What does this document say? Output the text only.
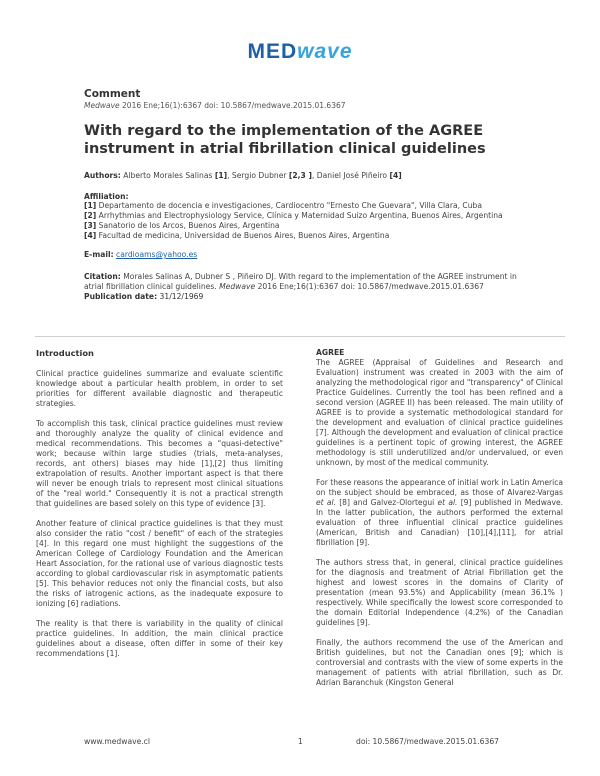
MEDwave
Comment
Medwave 2016 Ene;16(1):6367 doi: 10.5867/medwave.2015.01.6367
With regard to the implementation of the AGREE instrument in atrial fibrillation clinical guidelines
Authors: Alberto Morales Salinas [1], Sergio Dubner [2,3 ], Daniel José Piñeiro [4]
Affiliation:
[1] Departamento de docencia e investigaciones, Cardiocentro "Ernesto Che Guevara", Villa Clara, Cuba
[2] Arrhythmias and Electrophysiology Service, Clínica y Maternidad Suizo Argentina, Buenos Aires, Argentina
[3] Sanatorio de los Arcos, Buenos Aires, Argentina
[4] Facultad de medicina, Universidad de Buenos Aires, Buenos Aires, Argentina
E-mail: cardioams@yahoo.es
Citation: Morales Salinas A, Dubner S , Piñeiro DJ. With regard to the implementation of the AGREE instrument in atrial fibrillation clinical guidelines. Medwave 2016 Ene;16(1):6367 doi: 10.5867/medwave.2015.01.6367
Publication date: 31/12/1969
Introduction

Clinical practice guidelines summarize and evaluate scientific knowledge about a particular health problem, in order to set priorities for different available diagnostic and therapeutic strategies.

To accomplish this task, clinical practice guidelines must review and thoroughly analyze the quality of clinical evidence and medical recommendations. This becomes a "quasi-detective" work; because within large studies (trials, meta-analyses, records, ant others) biases may hide [1],[2] thus limiting extrapolation of results. Another important aspect is that there will never be enough trials to represent most clinical situations of the "real world." Consequently it is not a practical strength that guidelines are based solely on this type of evidence [3].

Another feature of clinical practice guidelines is that they must also consider the ratio "cost / benefit" of each of the strategies [4]. In this regard one must highlight the suggestions of the American College of Cardiology Foundation and the American Heart Association, for the rational use of various diagnostic tests according to global cardiovascular risk in asymptomatic patients [5]. This behavior reduces not only the financial costs, but also the risks of iatrogenic actions, as the inadequate exposure to ionizing [6] radiations.

The reality is that there is variability in the quality of clinical practice guidelines. In addition, the main clinical practice guidelines about a disease, often differ in some of their key recommendations [1].

AGREE

The AGREE (Appraisal of Guidelines and Research and Evaluation) instrument was created in 2003 with the aim of analyzing the methodological rigor and "transparency" of Clinical Practice Guidelines. Currently the tool has been refined and a second version (AGREE II) has been released. The main utility of AGREE is to provide a systematic methodological standard for the development and evaluation of clinical practice guidelines [7]. Although the development and evaluation of clinical practice guidelines is a pertinent topic of growing interest, the AGREE methodology is still underutilized and/or undervalued, or even unknown, by most of the medical community.

For these reasons the appearance of initial work in Latin America on the subject should be embraced, as those of Alvarez-Vargas et al. [8] and Galvez-Olortegui et al. [9] published in Medwave. In the latter publication, the authors performed the external evaluation of three influential clinical practice guidelines (American, British and Canadian) [10],[4],[11], for atrial fibrillation [9].

The authors stress that, in general, clinical practice guidelines for the diagnosis and treatment of Atrial Fibrillation get the highest and lowest scores in the domains of Clarity of presentation (mean 93.5%) and Applicability (mean 36.1% ) respectively. While specifically the lowest score corresponded to the domain Editorial Independence (4.2%) of the Canadian guidelines [9].

Finally, the authors recommend the use of the American and British guidelines, but not the Canadian ones [9]; which is controversial and contrasts with the view of some experts in the management of patients with atrial fibrillation, such as Dr. Adrian Baranchuk (Kingston General

www.medwave.cl	1	doi: 10.5867/medwave.2015.01.6367
